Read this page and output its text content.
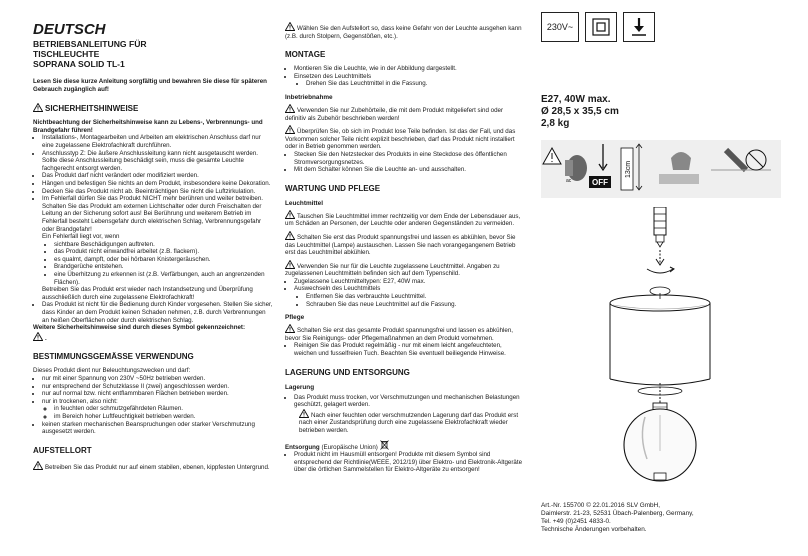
DEUTSCH

BETRIEBSANLEITUNG FÜR

TISCHLEUCHTE

SOPRANA SOLID TL-1

Lesen Sie diese kurze Anleitung sorgfältig und bewahren Sie diese für späteren Gebrauch zugänglich auf!

SICHERHEITSHINWEISE

Nichtbeachtung der Sicherheitshinweise kann zu Lebens-, Verbrennungs- und Brandgefahr führen!

• Installations-, Montagearbeiten und Arbeiten am elektrischen Anschluss darf nur eine zugelassene Elektrofachkraft durchführen.
• Anschlusstyp Z: Die äußere Anschlussleitung kann nicht ausgetauscht werden. Sollte diese Anschlussleitung beschädigt sein, muss die gesamte Leuchte fachgerecht entsorgt werden.
• Das Produkt darf nicht verändert oder modifiziert werden.
• Hängen und befestigen Sie nichts an dem Produkt, insbesondere keine Dekoration.
• Decken Sie das Produkt nicht ab. Beeinträchtigen Sie nicht die Luftzirkulation.
• Im Fehlerfall dürfen Sie das Produkt NICHT mehr berühren und weiter betreiben. Schalten Sie das Produkt am externen Lichtschalter oder durch Freischalten der Leitung an der Sicherung sofort aus! Bei Berührung und weiterem Betrieb im Fehlerfall besteht Lebensgefahr durch elektrischen Schlag, Verbrennungsgefahr oder Brandgefahr!
Ein Fehlerfall liegt vor, wenn
• sichtbare Beschädigungen auftreten.
• das Produkt nicht einwandfrei arbeitet (z.B. flackern).
• es qualmt, dampft, oder bei hörbaren Knistergeräuschen.
• Brandgerüche entstehen.
• eine Überhitzung zu erkennen ist (z.B. Verfärbungen, auch an angrenzenden Flächen).
Betreiben Sie das Produkt erst wieder nach Instandsetzung und Überprüfung ausschließlich durch eine zugelassene Elektrofachkraft!
• Das Produkt ist nicht für die Bedienung durch Kinder vorgesehen. Stellen Sie sicher, dass Kinder an dem Produkt keinen Schaden nehmen, z.B. durch Verbrennungen an heißen Oberflächen oder durch elektrischen Schlag.

Weitere Sicherheitshinweise sind durch dieses Symbol gekennzeichnet:
.

BESTIMMUNGSGEMÄSSE VERWENDUNG

Dieses Produkt dient nur Beleuchtungszwecken und darf:

• nur mit einer Spannung von 230V ~50Hz betrieben werden.
• nur entsprechend der Schutzklasse II (zwei) angeschlossen werden.
• nur auf normal bzw. nicht entflammbaren Flächen betrieben werden.
• nur in trockenen, also nicht:
◦ in feuchten oder schmutzgefährdeten Räumen.
◦ im Bereich hoher Luftfeuchtigkeit betrieben werden.
• keinen starken mechanischen Beanspruchungen oder starker Verschmutzung ausgesetzt werden.

AUFSTELLORT

Betreiben Sie das Produkt nur auf einem stabilen, ebenen, kippfesten Untergrund.

Wählen Sie den Aufstellort so, dass keine Gefahr von der Leuchte ausgehen kann (z.B. durch Stolpern, Gegenstößen, etc.).

MONTAGE

• Montieren Sie die Leuchte, wie in der Abbildung dargestellt.
• Einsetzen des Leuchtmittels
• Drehen Sie das Leuchtmittel in die Fassung.

Inbetriebnahme

Verwenden Sie nur Zubehörteile, die mit dem Produkt mitgeliefert sind oder definitiv als Zubehör beschrieben werden!

Überprüfen Sie, ob sich im Produkt lose Teile befinden. Ist das der Fall, und das Vorkommen solcher Teile nicht explizit beschrieben, darf das Produkt nicht installiert oder in Betrieb genommen werden.

• Stecken Sie den Netzstecker des Produkts in eine Steckdose des öffentlichen Stromversorgungsnetzes.
• Mit dem Schalter können Sie die Leuchte an- und ausschalten.

WARTUNG UND PFLEGE

Leuchtmittel

Tauschen Sie Leuchtmittel immer rechtzeitig vor dem Ende der Lebensdauer aus, um Schäden an Personen, der Leuchte oder anderen Gegenständen zu vermeiden.

Schalten Sie erst das Produkt spannungsfrei und lassen es abkühlen, bevor Sie das Leuchtmittel (Lampe) austauschen. Lassen Sie nach vorangegangenem Betrieb erst das Leuchtmittel abkühlen.

Verwenden Sie nur für die Leuchte zugelassene Leuchtmittel. Angaben zu zugelassenen Leuchtmitteln befinden sich auf dem Typenschild.

• Zugelassene Leuchtmitteltypen: E27, 40W max.
• Auswechseln des Leuchtmittels
• Entfernen Sie das verbrauchte Leuchtmittel.
• Schrauben Sie das neue Leuchtmittel auf die Fassung.

Pflege

Schalten Sie erst das gesamte Produkt spannungsfrei und lassen es abkühlen, bevor Sie Reinigungs- oder Pflegemaßnahmen an dem Produkt vornehmen.

• Reinigen Sie das Produkt regelmäßig - nur mit einem leicht angefeuchteten, weichen und fusselfreien Tuch. Beachten Sie eventuell beiliegende Hinweise.

LAGERUNG UND ENTSORGUNG

Lagerung

• Das Produkt muss trocken, vor Verschmutzungen und mechanischen Belastungen geschützt, gelagert werden.

Nach einer feuchten oder verschmutzenden Lagerung darf das Produkt erst nach einer Zustandsprüfung durch eine zugelassene Elektrofachkraft wieder betrieben werden.

Entsorgung (Europäische Union)

• Produkt nicht im Hausmüll entsorgen! Produkte mit diesem Symbol sind entsprechend der Richtlinie(WEEE, 2012/19) über Elektro- und Elektronik-Altgeräte über die örtlichen Sammelstellen für Elektro-Altgeräte zu entsorgen!
230V~

E27, 40W max.

Ø 28,5 x 35,5 cm

2,8 kg

ac	OFF
13cm
Art.-Nr. 155700 © 22.01.2016 SLV GmbH,
Daimlerstr. 21-23, 52531 Übach-Palenberg, Germany,
Tel. +49 (0)2451 4833-0.
Technische Änderungen vorbehalten.
